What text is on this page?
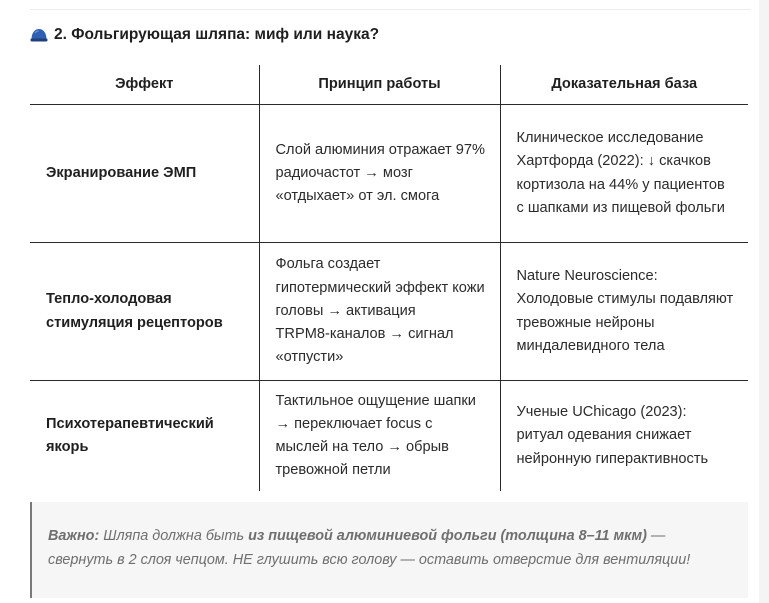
2. Фольгирующая шляпа: миф или наука?
Эффект	Принцип работы	Доказательная база
Экранирование ЭМП	Слой алюминия отражает 97% радиочастот → мозг «отдыхает» от эл. смога	Клиническое исследование Хартфорда (2022): ↓ скачков кортизола на 44% у пациентов с шапками из пищевой фольги
Тепло‑холодовая стимуляция рецепторов	Фольга создает гипотермический эффект кожи головы → активация TRPM8‑каналов → сигнал «отпусти»	Nature Neuroscience: Холодовые стимулы подавляют тревожные нейроны миндалевидного тела
Психотерапевтический якорь	Тактильное ощущение шапки → переключает focus с мыслей на тело → обрыв тревожной петли	Ученые UChicago (2023): ритуал одевания снижает нейронную гиперактивность
Важно: Шляпа должна быть из пищевой алюминиевой фольги (толщина 8–11 мкм) — свернуть в 2 слоя чепцом. НЕ глушить всю голову — оставить отверстие для вентиляции!
